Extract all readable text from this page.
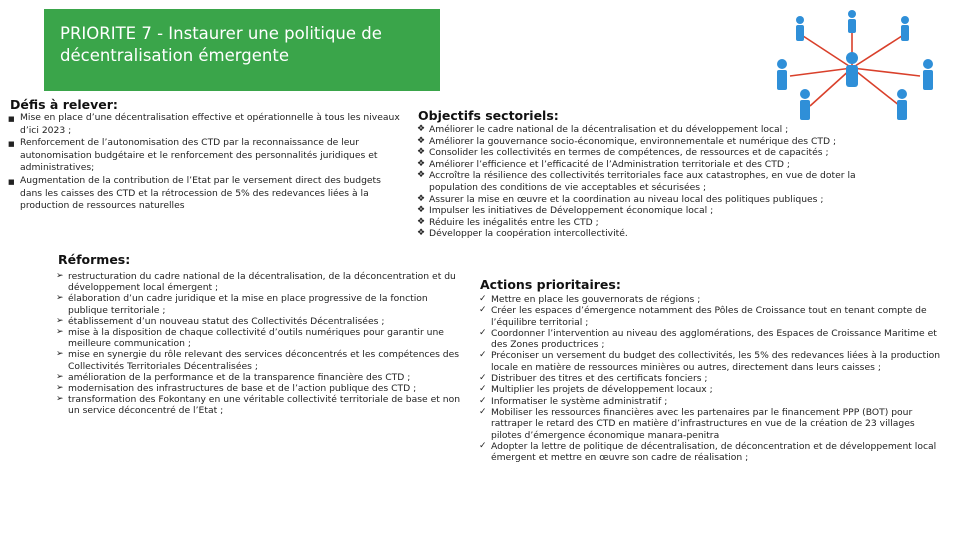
PRIORITE 7 - Instaurer une politique de décentralisation émergente
Défis à relever:
■ Mise en place d’une décentralisation effective et opérationnelle à tous les niveaux d’ici 2023 ;
■ Renforcement de l’autonomisation des CTD par la reconnaissance de leur autonomisation budgétaire et le renforcement des personnalités juridiques et administratives;
■ Augmentation de la contribution de l’Etat par le versement direct des budgets dans les caisses des CTD et la rétrocession de 5% des redevances liées à la production de ressources naturelles
Objectifs sectoriels:
❖ Améliorer le cadre national de la décentralisation et du développement local ;
❖ Améliorer la gouvernance socio-économique, environnementale et numérique des CTD ;
❖ Consolider les collectivités en termes de compétences, de ressources et de capacités ;
❖ Améliorer l’efficience et l’efficacité de l’Administration territoriale et des CTD ;
❖ Accroître la résilience des collectivités territoriales face aux catastrophes, en vue de doter la population des conditions de vie acceptables et sécurisées ;
❖ Assurer la mise en œuvre et la coordination au niveau local des politiques publiques ;
❖ Impulser les initiatives de Développement économique local ;
❖ Réduire les inégalités entre les CTD ;
❖ Développer la coopération intercollectivité.
Réformes:
➢ restructuration du cadre national de la décentralisation, de la déconcentration et du développement local émergent ;
➢ élaboration d’un cadre juridique et la mise en place progressive de la fonction publique territoriale ;
➢ établissement d’un nouveau statut des Collectivités Décentralisées ;
➢ mise à la disposition de chaque collectivité d’outils numériques pour garantir une meilleure communication ;
➢ mise en synergie du rôle relevant des services déconcentrés et les compétences des Collectivités Territoriales Décentralisées ;
➢ amélioration de la performance et de la transparence financière des CTD ;
➢ modernisation des infrastructures de base et de l’action publique des CTD ;
➢ transformation des Fokontany en une véritable collectivité territoriale de base et non un service déconcentré de l’Etat ;
Actions prioritaires:
✓ Mettre en place les gouvernorats de régions ;
✓ Créer les espaces d’émergence notamment des Pôles de Croissance tout en tenant compte de l’équilibre territorial ;
✓ Coordonner l’intervention au niveau des agglomérations, des Espaces de Croissance Maritime et des Zones productrices ;
✓ Préconiser un versement du budget des collectivités, les 5% des redevances liées à la production locale en matière de ressources minières ou autres, directement dans leurs caisses ;
✓ Distribuer des titres et des certificats fonciers ;
✓ Multiplier les projets de développement locaux ;
✓ Informatiser le système administratif ;
✓ Mobiliser les ressources financières avec les partenaires par le financement PPP (BOT) pour rattraper le retard des CTD en matière d’infrastructures en vue de la création de 23 villages pilotes d’émergence économique manara-penitra
✓ Adopter la lettre de politique de décentralisation, de déconcentration et de développement local émergent et mettre en œuvre son cadre de réalisation ;
